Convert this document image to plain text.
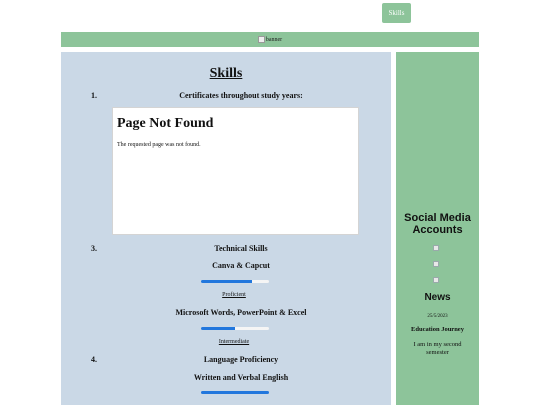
Skills
banner
Skills
1.	Certificates throughout study years:
Page Not Found

The requested page was not found.

3.	Technical Skills
Canva & Capcut
Proficient
Microsoft Words, PowerPoint & Excel
Intermediate
4.	Language Proficiency
Written and Verbal English
Social Media Accounts
News
25/5/2023
Education Journey
I am in my second semester
